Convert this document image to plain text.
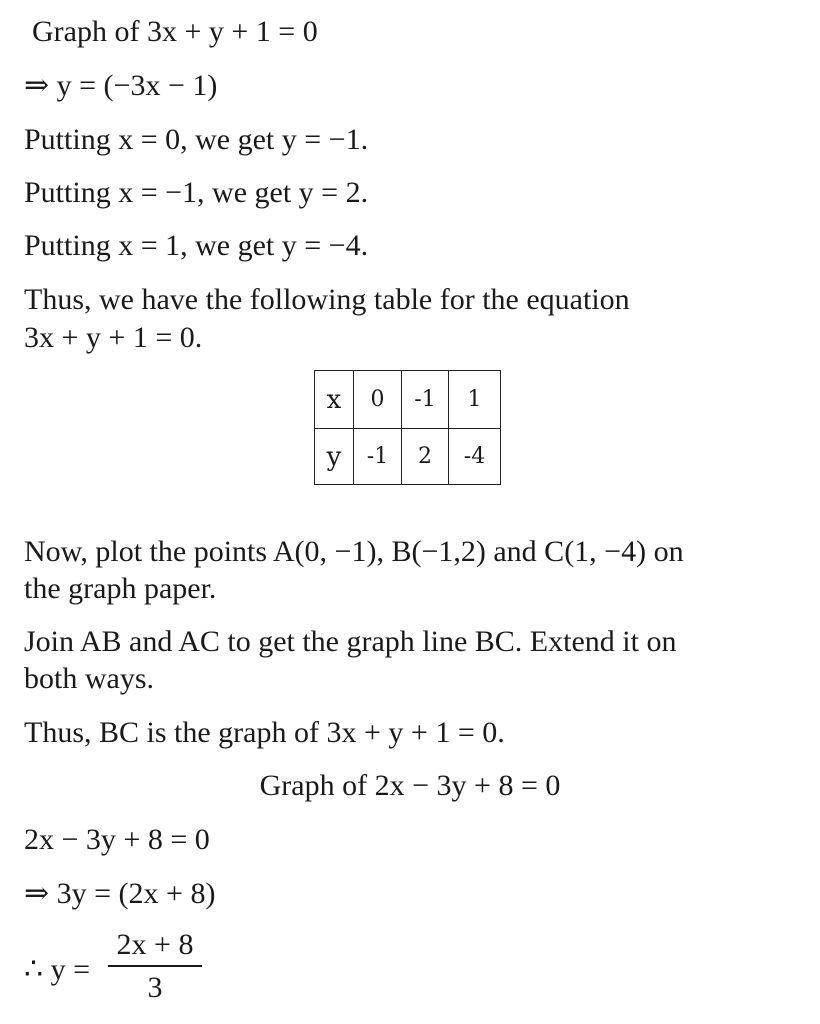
Graph of 3x + y + 1 = 0
⇒ y = (−3x − 1)
Putting x = 0, we get y = −1.
Putting x = −1, we get y = 2.
Putting x = 1, we get y = −4.
Thus, we have the following table for the equation
3x + y + 1 = 0.
x	0	-1	1
y	-1	2	-4
Now, plot the points A(0, −1), B(−1,2) and C(1, −4) on
the graph paper.
Join AB and AC to get the graph line BC. Extend it on
both ways.
Thus, BC is the graph of 3x + y + 1 = 0.
Graph of 2x − 3y + 8 = 0
2x − 3y + 8 = 0
⇒ 3y = (2x + 8)
∴ y =
2x + 8
3
